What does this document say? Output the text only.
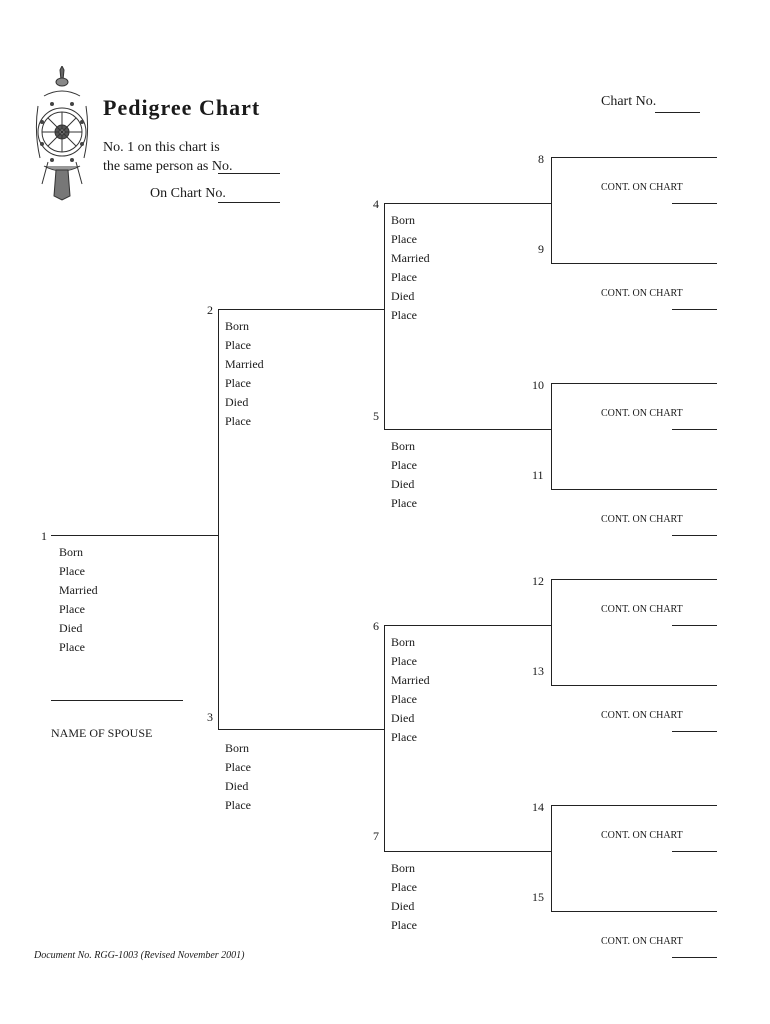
Pedigree Chart
No. 1 on this chart is
the same person as No.
On Chart No.
Chart No.
1
Born
Place
Married
Place
Died
Place
NAME OF SPOUSE
2
Born
Place
Married
Place
Died
Place
3
Born
Place
Died
Place
4
Born
Place
Married
Place
Died
Place
5
Born
Place
Died
Place
6
Born
Place
Married
Place
Died
Place
7
Born
Place
Died
Place
8
CONT. ON CHART
9
CONT. ON CHART
10
CONT. ON CHART
11
CONT. ON CHART
12
CONT. ON CHART
13
CONT. ON CHART
14
CONT. ON CHART
15
CONT. ON CHART
Document No. RGG-1003 (Revised November 2001)
